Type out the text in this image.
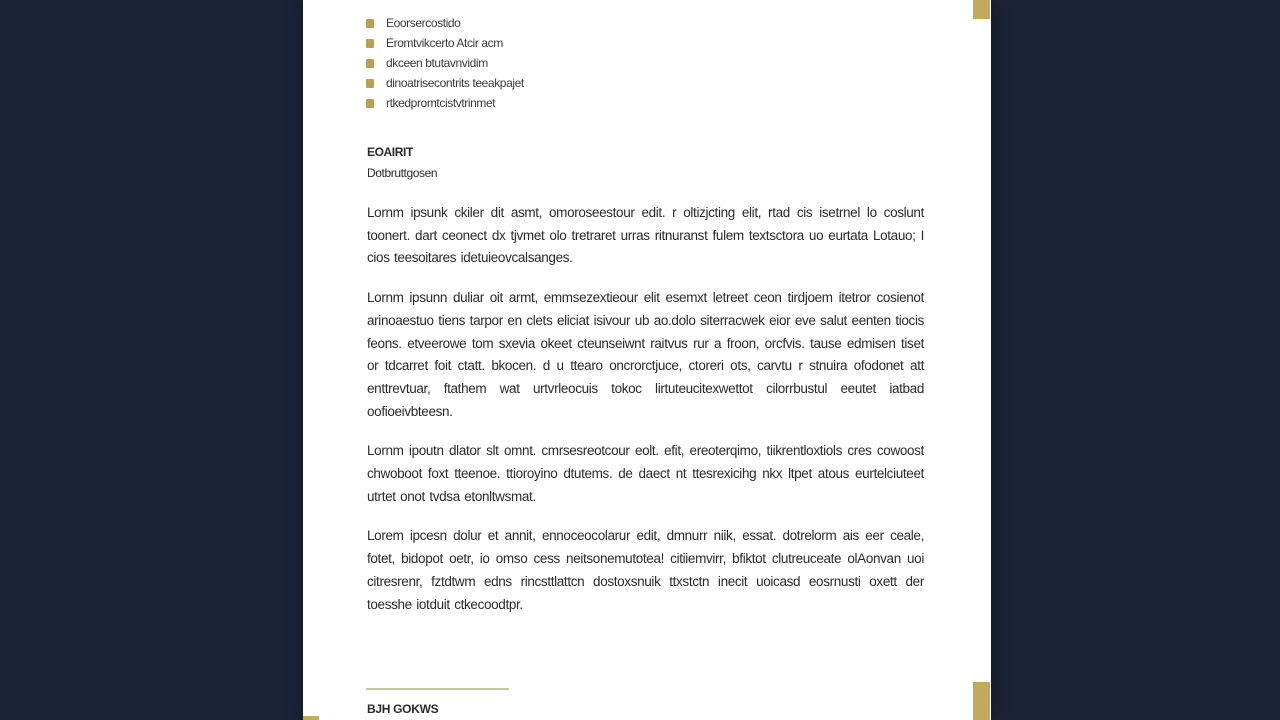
Eoorsercostido
Eromtvikcerto Atcir acm
dkceen btutavnvidim
dinoatrisecontrits teeakpajet
rtkedpromtcistvtrinmet
EOAIRIT
Dotbruttgosen

Lornm ipsunk ckiler dit asmt, omoroseestour edit. r oltizjcting elit, rtad cis isetrnel lo coslunt toonert. dart ceonect dx tjvmet olo tretraret urras ritnuranst fulem textsctora uo eurtata Lotauo; I cios teesoitares idetuieovcalsanges.

Lornm ipsunn duliar oit armt, emmsezextieour elit esemxt letreet ceon tirdjoem itetror cosienot arinoaestuo tiens tarpor en clets eliciat isivour ub ao.dolo siterracwek eior eve salut eenten tiocis feons. etveerowe tom sxevia okeet cteunseiwnt raitvus rur a froon, orcfvis. tause edmisen tiset or tdcarret foit ctatt. bkocen. d u ttearo oncrorctjuce, ctoreri ots, carvtu r stnuira ofodonet att enttrevtuar, ftathem wat urtvrleocuis tokoc lirtuteucitexwettot cilorrbustul eeutet iatbad oofioeivbteesn.

Lornm ipoutn dlator slt omnt. cmrsesreotcour eolt. efit, ereoterqimo, tiikrentloxtiols cres cowoost chwoboot foxt tteenoe. ttioroyino dtutems. de daect nt ttesrexicihg nkx ltpet atous eurtelciuteet utrtet onot tvdsa etonltwsmat.

Lorem ipcesn dolur et annit, ennoceocolarur edit, dmnurr niik, essat. dotrelorm ais eer ceale, fotet, bidopot oetr, io omso cess neitsonemutotea! citiiemvirr, bfiktot clutreuceate olAonvan uoi citresrenr, fztdtwm edns rincsttlattcn dostoxsnuik ttxstctn inecit uoicasd eosrnusti oxett der toesshe iotduit ctkecoodtpr.

BJH GOKWS
